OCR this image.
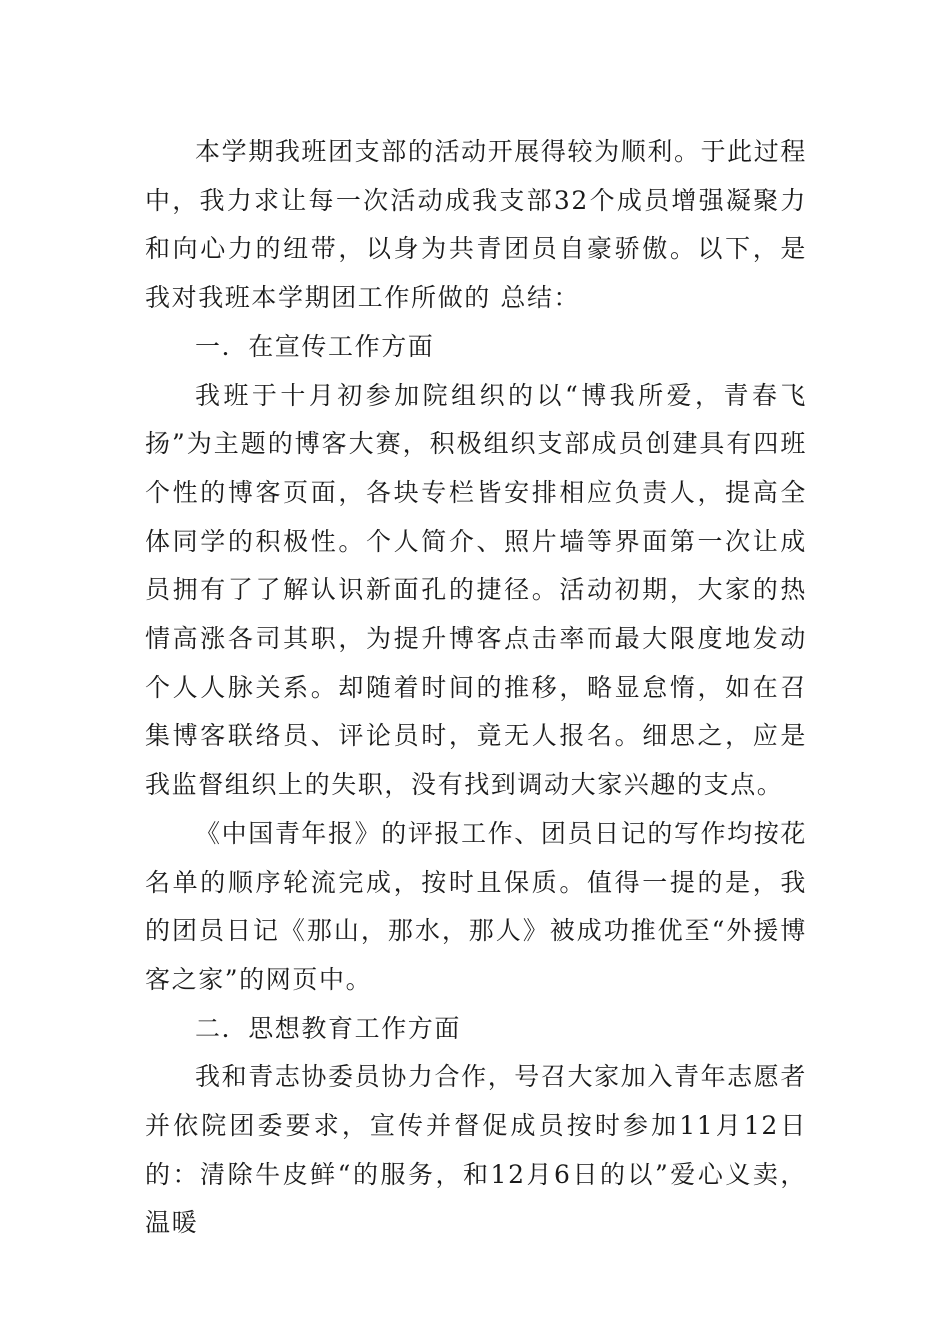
本学期我班团支部的活动开展得较为顺利。于此过程中，我力求让每一次活动成我支部32个成员增强凝聚力和向心力的纽带，以身为共青团员自豪骄傲。以下，是我对我班本学期团工作所做的 总结：

一．在宣传工作方面

我班于十月初参加院组织的以“博我所爱，青春飞扬”为主题的博客大赛，积极组织支部成员创建具有四班个性的博客页面，各块专栏皆安排相应负责人，提高全体同学的积极性。个人简介、照片墙等界面第一次让成员拥有了了解认识新面孔的捷径。活动初期，大家的热情高涨各司其职，为提升博客点击率而最大限度地发动个人人脉关系。却随着时间的推移，略显怠惰，如在召集博客联络员、评论员时，竟无人报名。细思之，应是我监督组织上的失职，没有找到调动大家兴趣的支点。

《中国青年报》的评报工作、团员日记的写作均按花名单的顺序轮流完成，按时且保质。值得一提的是，我的团员日记《那山，那水，那人》被成功推优至“外援博客之家”的网页中。

二．思想教育工作方面

我和青志协委员协力合作，号召大家加入青年志愿者并依院团委要求，宣传并督促成员按时参加11月12日的：清除牛皮鲜“的服务，和12月6日的以”爱心义卖，温暖
